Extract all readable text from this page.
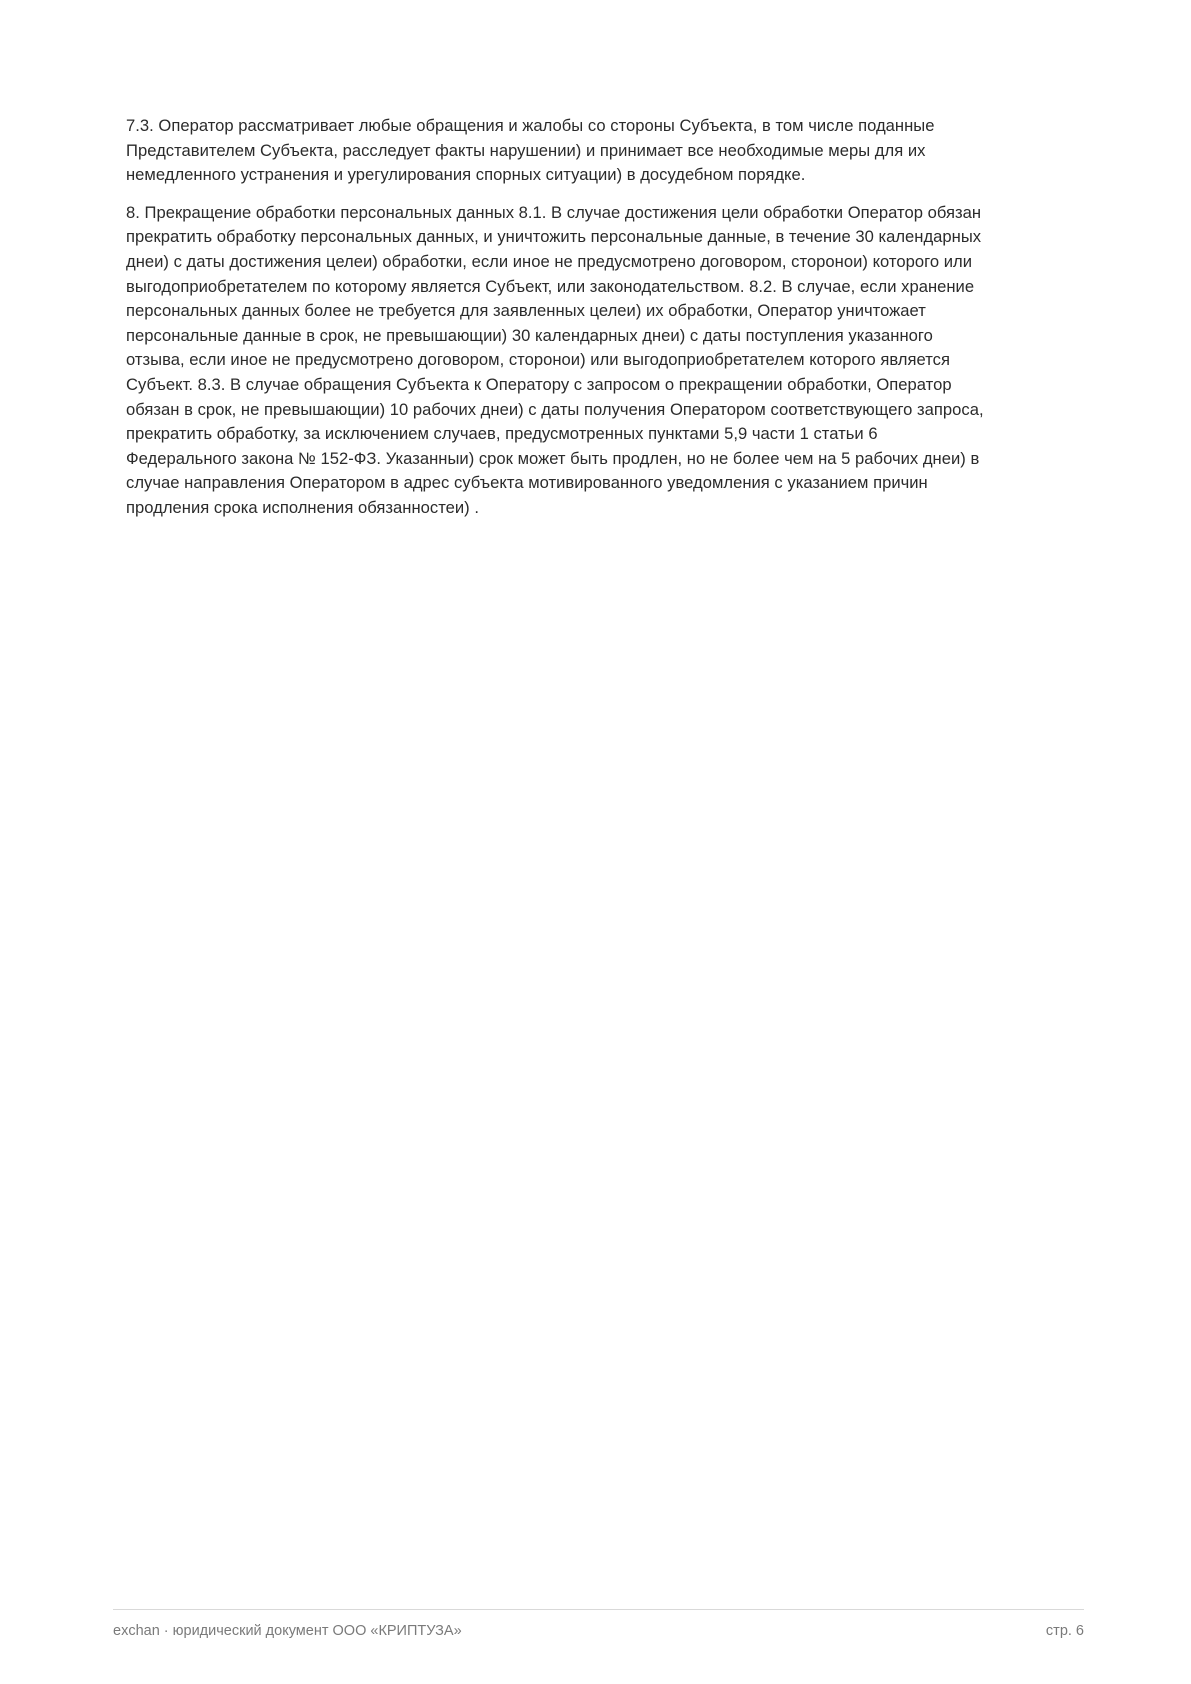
7.3. Оператор рассматривает любые обращения и жалобы со стороны Субъекта, в том числе поданные
Представителем Субъекта, расследует факты нарушении) и принимает все необходимые меры для их
немедленного устранения и урегулирования спорных ситуации) в досудебном порядке.

8. Прекращение обработки персональных данных 8.1. В случае достижения цели обработки Оператор обязан
прекратить обработку персональных данных, и уничтожить персональные данные, в течение 30 календарных
днеи) с даты достижения целеи) обработки, если иное не предусмотрено договором, сторонои) которого или
выгодоприобретателем по которому является Субъект, или законодательством. 8.2. В случае, если хранение
персональных данных более не требуется для заявленных целеи) их обработки, Оператор уничтожает
персональные данные в срок, не превышающии) 30 календарных днеи) с даты поступления указанного
отзыва, если иное не предусмотрено договором, сторонои) или выгодоприобретателем которого является
Субъект. 8.3. В случае обращения Субъекта к Оператору с запросом о прекращении обработки, Оператор
обязан в срок, не превышающии) 10 рабочих днеи) с даты получения Оператором соответствующего запроса,
прекратить обработку, за исключением случаев, предусмотренных пунктами 5,9 части 1 статьи 6
Федерального закона № 152-ФЗ. Указанныи) срок может быть продлен, но не более чем на 5 рабочих днеи) в
случае направления Оператором в адрес субъекта мотивированного уведомления с указанием причин
продления срока исполнения обязанностеи) .

exchan · юридический документ ООО «КРИПТУЗА»	стр. 6
